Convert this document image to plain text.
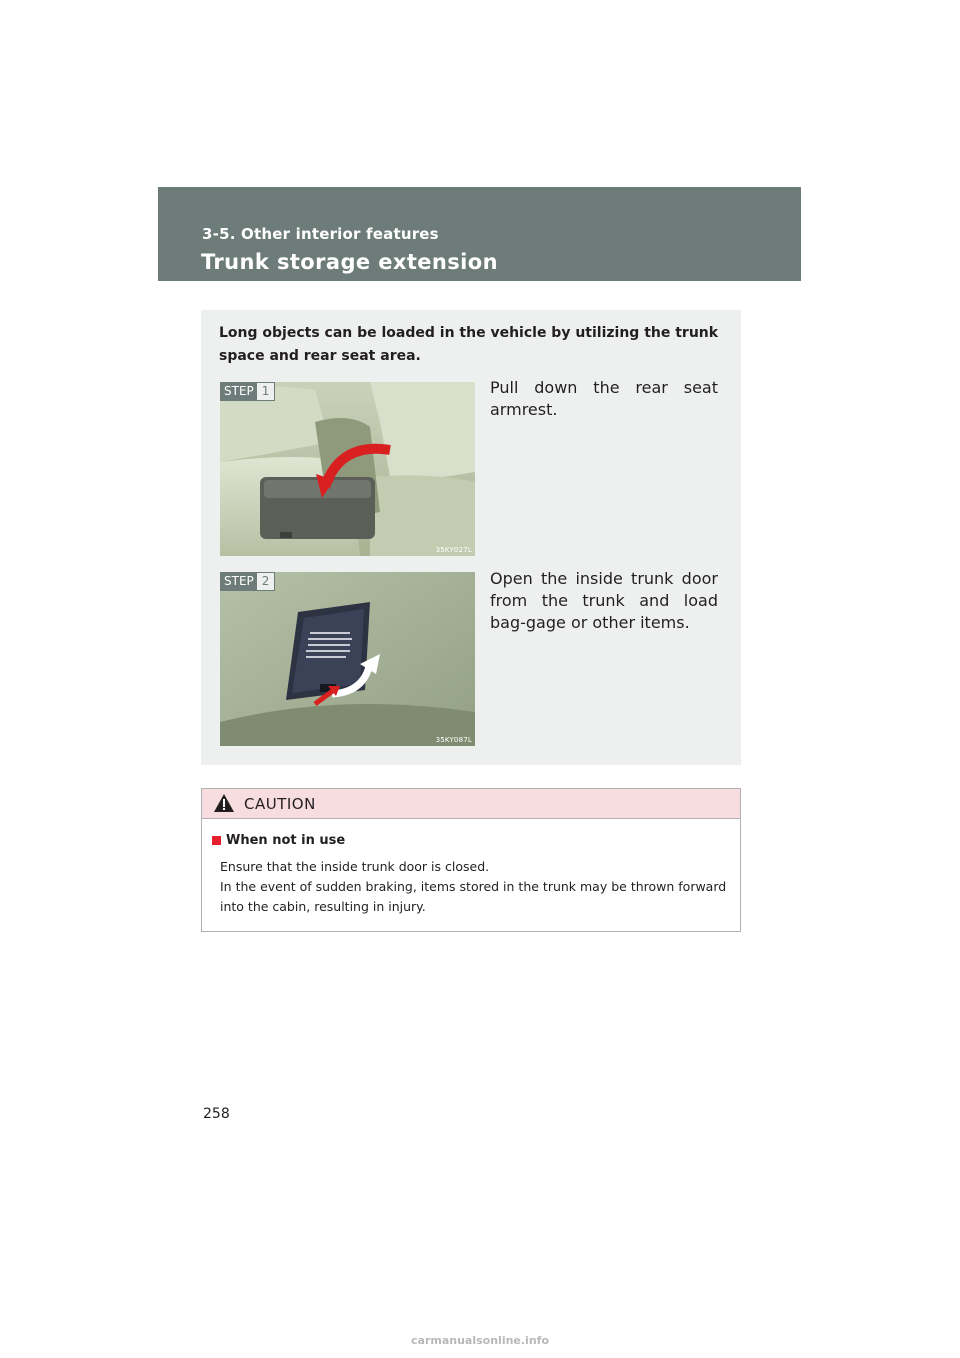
3-5. Other interior features
Trunk storage extension
Long objects can be loaded in the vehicle by utilizing the trunk space and rear seat area.
STEP 1
35KY027L
Pull down the rear seat armrest.
STEP 2
35KY087L
Open the inside trunk door from the trunk and load bag-gage or other items.
CAUTION
When not in use

Ensure that the inside trunk door is closed.

In the event of sudden braking, items stored in the trunk may be thrown forward into the cabin, resulting in injury.

258
carmanualsonline.info
